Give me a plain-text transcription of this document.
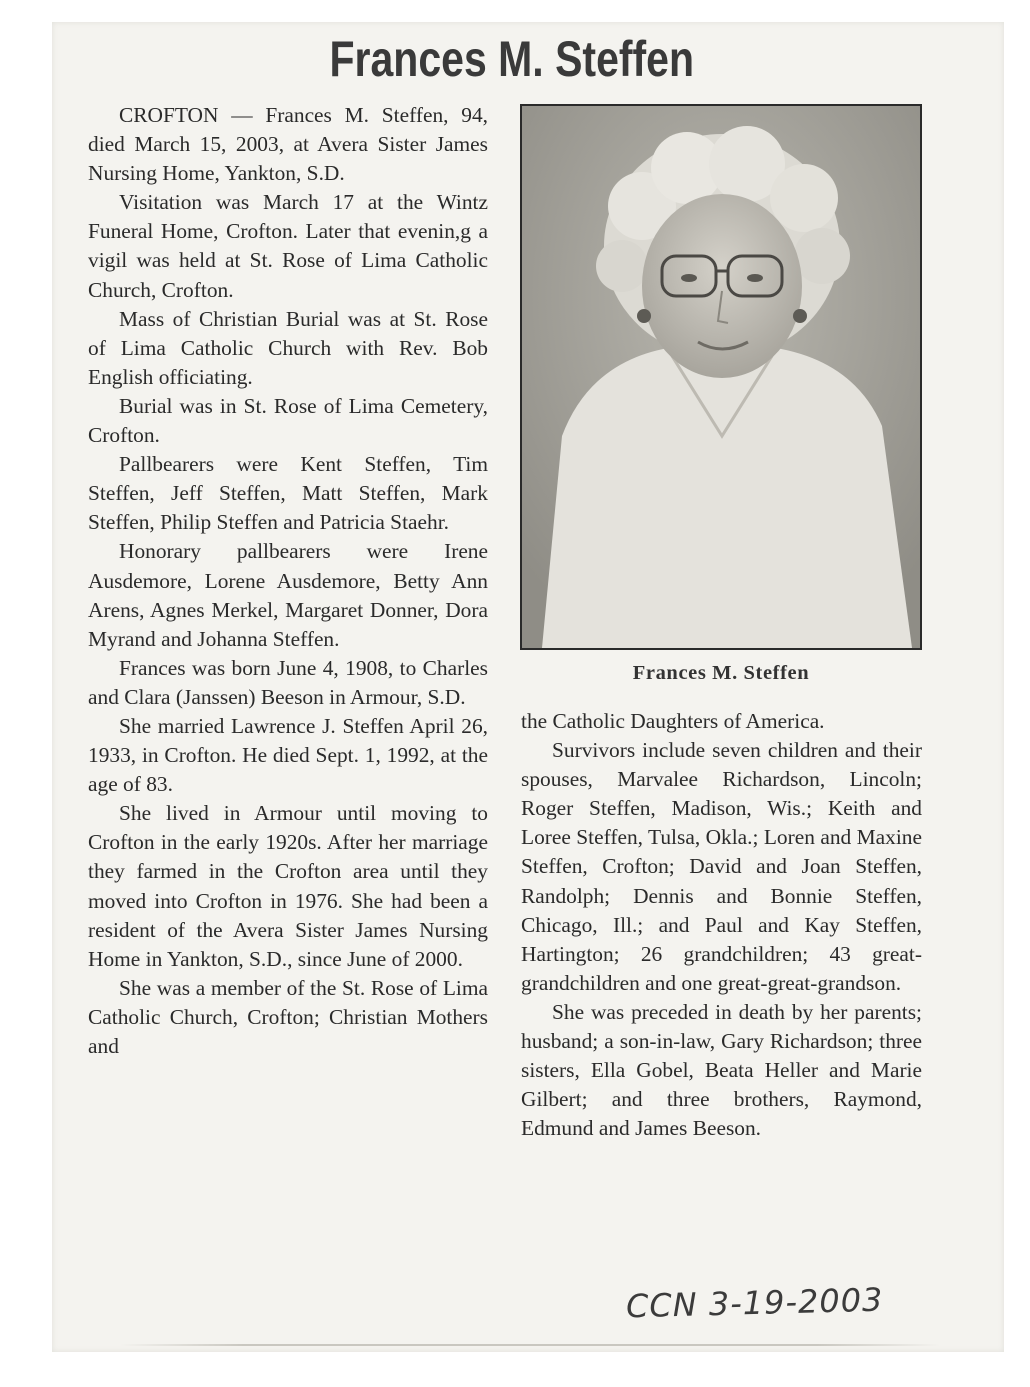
Frances M. Steffen

CROFTON — Frances M. Steffen, 94, died March 15, 2003, at Avera Sister James Nursing Home, Yankton, S.D.

Visitation was March 17 at the Wintz Funeral Home, Crofton. Later that evenin,g a vigil was held at St. Rose of Lima Catholic Church, Crofton.

Mass of Christian Burial was at St. Rose of Lima Catholic Church with Rev. Bob English officiating.

Burial was in St. Rose of Lima Cemetery, Crofton.

Pallbearers were Kent Steffen, Tim Steffen, Jeff Steffen, Matt Steffen, Mark Steffen, Philip Steffen and Patricia Staehr.

Honorary pallbearers were Irene Ausdemore, Lorene Ausdemore, Betty Ann Arens, Agnes Merkel, Margaret Donner, Dora Myrand and Johanna Steffen.

Frances was born June 4, 1908, to Charles and Clara (Janssen) Beeson in Armour, S.D.

She married Lawrence J. Steffen April 26, 1933, in Crofton. He died Sept. 1, 1992, at the age of 83.

She lived in Armour until moving to Crofton in the early 1920s. After her marriage they farmed in the Crofton area until they moved into Crofton in 1976. She had been a resident of the Avera Sister James Nursing Home in Yankton, S.D., since June of 2000.

She was a member of the St. Rose of Lima Catholic Church, Crofton; Christian Mothers and

Frances M. Steffen

the Catholic Daughters of America.

Survivors include seven children and their spouses, Marvalee Richardson, Lincoln; Roger Steffen, Madison, Wis.; Keith and Loree Steffen, Tulsa, Okla.; Loren and Maxine Steffen, Crofton; David and Joan Steffen, Randolph; Dennis and Bonnie Steffen, Chicago, Ill.; and Paul and Kay Steffen, Hartington; 26 grandchildren; 43 great-grandchildren and one great-great-grandson.

She was preceded in death by her parents; husband; a son-in-law, Gary Richardson; three sisters, Ella Gobel, Beata Heller and Marie Gilbert; and three brothers, Raymond, Edmund and James Beeson.

CCN 3-19-2003
